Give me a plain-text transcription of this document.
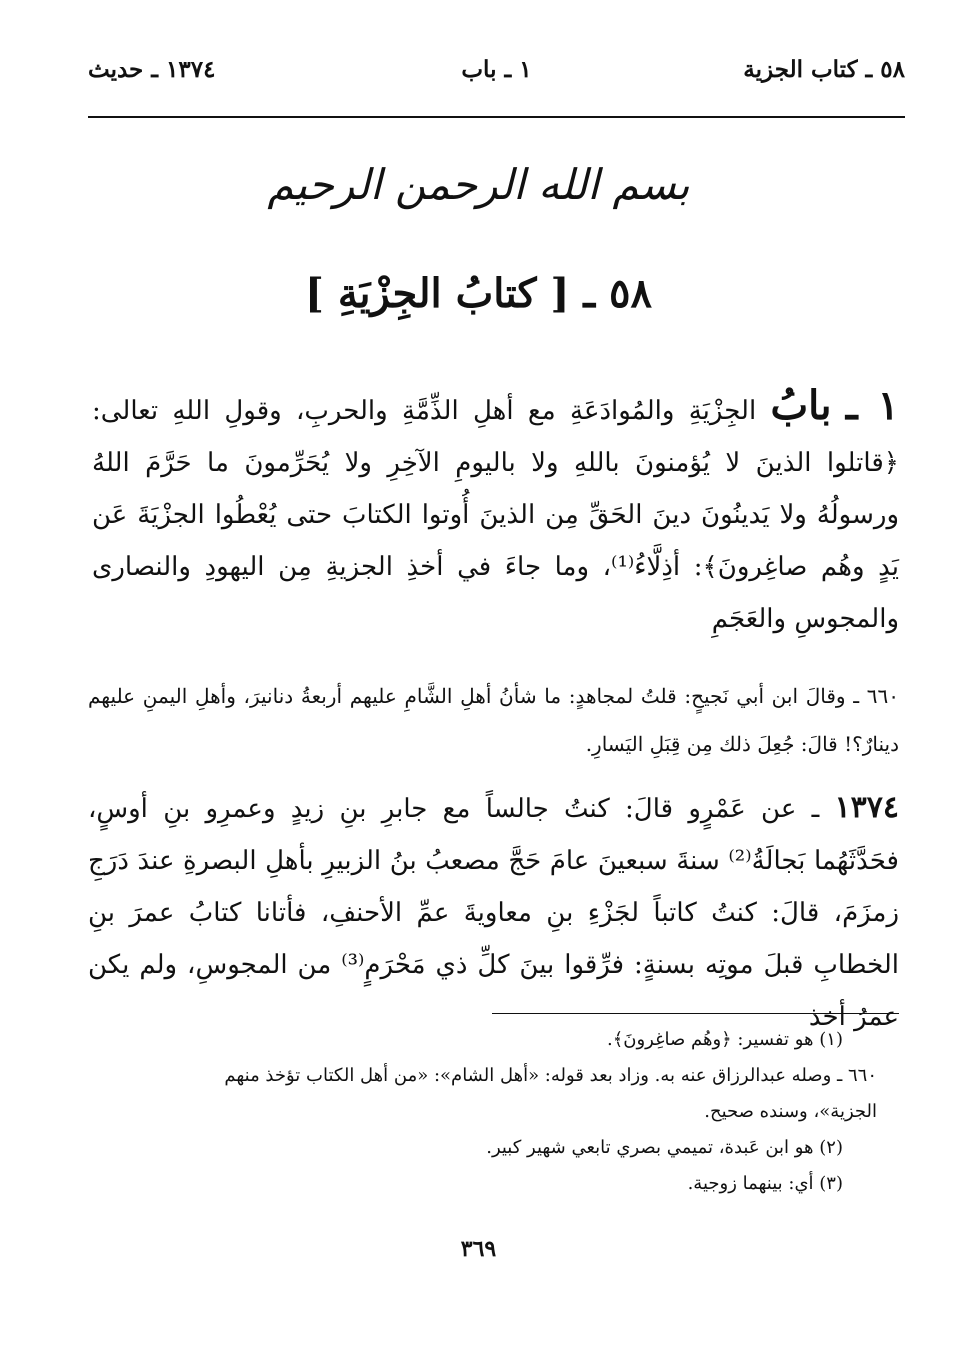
٥٨ ـ كتاب الجزية
١ ـ باب
١٣٧٤ ـ حديث
بسم الله الرحمن الرحيم
٥٨ ـ [ كتابُ الجِزْيَةِ ]
١ ـ بابُ الجِزْيَةِ والمُوادَعَةِ مع أهلِ الذِّمَّةِ والحربِ، وقولِ اللهِ تعالى: ﴿قاتلوا الذينَ لا يُؤمنونَ باللهِ ولا باليومِ الآخِرِ ولا يُحَرِّمونَ ما حَرَّمَ اللهُ ورسولُهُ ولا يَدينُونَ دينَ الحَقِّ مِن الذينَ أُوتوا الكتابَ حتى يُعْطُوا الجزْيَةَ عَن يَدٍ وهُم صاغِرونَ﴾: أذِلَّاءُ⁽¹⁾، وما جاءَ في أخذِ الجزيةِ مِن اليهودِ والنصارى والمجوسِ والعَجَمِ
٦٦٠ ـ وقالَ ابن أبي نَجيحٍ: قلتُ لمجاهدٍ: ما شأنُ أهلِ الشَّامِ عليهم أربعةُ دنانيرَ، وأهلِ اليمنِ عليهم دينارٌ؟! قالَ: جُعِلَ ذلك مِن قِبَلِ اليَسارِ.
١٣٧٤ ـ عن عَمْرٍو قالَ: كنتُ جالساً مع جابرِ بنِ زيدٍ وعمرِو بنِ أوسٍ، فحَدَّثَهُما بَجالَةُ⁽²⁾ سنةَ سبعينَ عامَ حَجَّ مصعبُ بنُ الزبيرِ بأهلِ البصرةِ عندَ دَرَجِ زمزَمَ، قالَ: كنتُ كاتباً لجَزْءِ بنِ معاويةَ عمِّ الأحنفِ، فأتانا كتابُ عمرَ بنِ الخطابِ قبلَ موتِه بسنةٍ: فرِّقوا بينَ كلِّ ذي مَحْرَمٍ⁽³⁾ من المجوسِ، ولم يكن عمرُ أخذ

(١) هو تفسير: ﴿وهُم صاغِرونَ﴾.

٦٦٠ ـ وصله عبدالرزاق عنه به. وزاد بعد قوله: «أهل الشام»: «من أهل الكتاب تؤخذ منهم

الجزية»، وسنده صحيح.

(٢) هو ابن عَبدة، تميمي بصري تابعي شهير كبير.

(٣) أي: بينهما زوجية.

٣٦٩
